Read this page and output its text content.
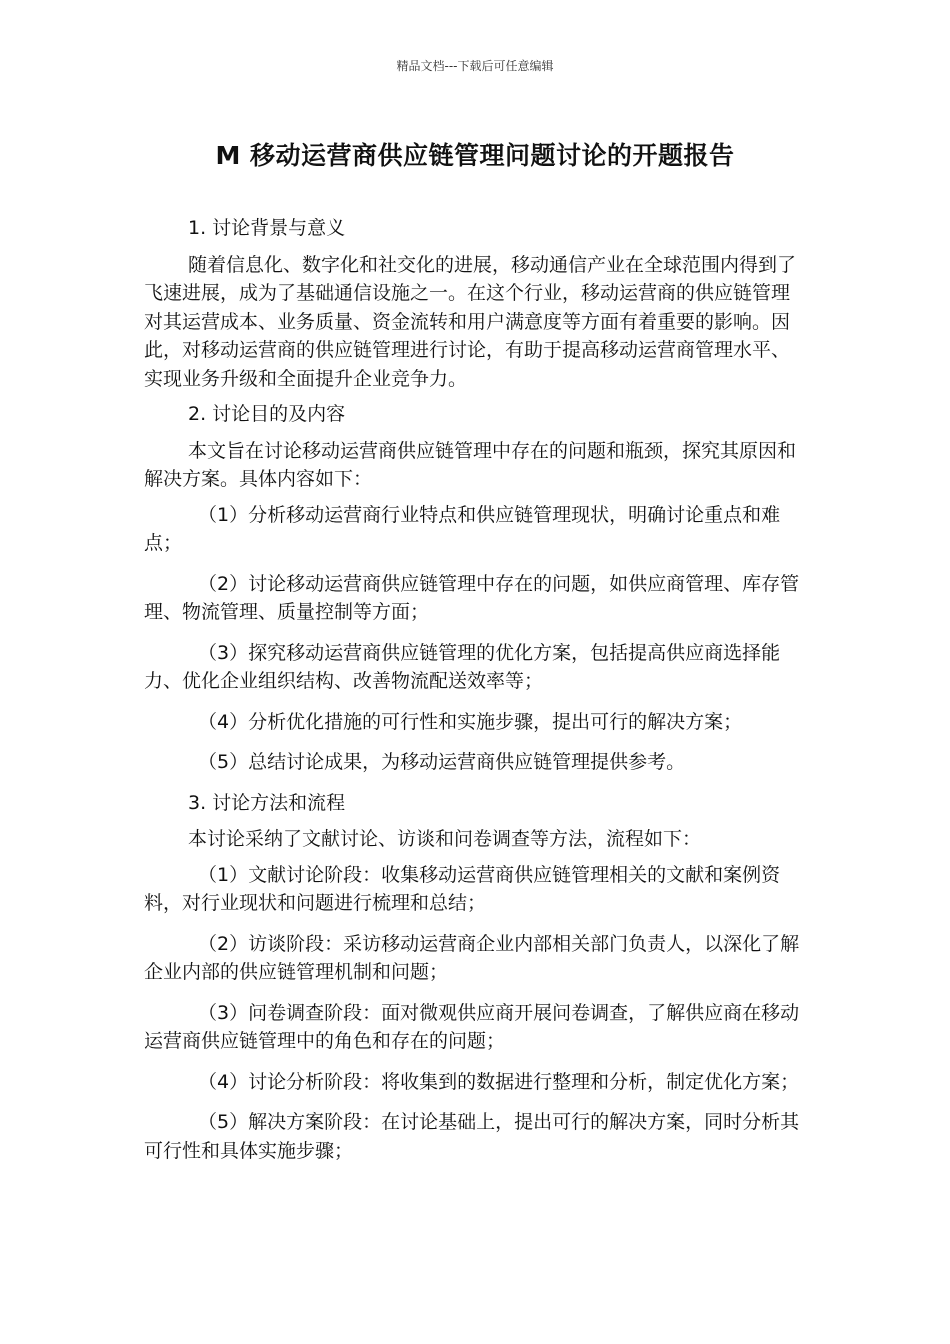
精品文档---下载后可任意编辑
M 移动运营商供应链管理问题讨论的开题报告

1. 讨论背景与意义

随着信息化、数字化和社交化的进展，移动通信产业在全球范围内得到了飞速进展，成为了基础通信设施之一。在这个行业，移动运营商的供应链管理对其运营成本、业务质量、资金流转和用户满意度等方面有着重要的影响。因此，对移动运营商的供应链管理进行讨论，有助于提高移动运营商管理水平、实现业务升级和全面提升企业竞争力。

2. 讨论目的及内容

本文旨在讨论移动运营商供应链管理中存在的问题和瓶颈，探究其原因和解决方案。具体内容如下：

（1）分析移动运营商行业特点和供应链管理现状，明确讨论重点和难点；

（2）讨论移动运营商供应链管理中存在的问题，如供应商管理、库存管理、物流管理、质量控制等方面；

（3）探究移动运营商供应链管理的优化方案，包括提高供应商选择能力、优化企业组织结构、改善物流配送效率等；

（4）分析优化措施的可行性和实施步骤，提出可行的解决方案；

（5）总结讨论成果，为移动运营商供应链管理提供参考。

3. 讨论方法和流程

本讨论采纳了文献讨论、访谈和问卷调查等方法，流程如下：

（1）文献讨论阶段：收集移动运营商供应链管理相关的文献和案例资料，对行业现状和问题进行梳理和总结；

（2）访谈阶段：采访移动运营商企业内部相关部门负责人，以深化了解企业内部的供应链管理机制和问题；

（3）问卷调查阶段：面对微观供应商开展问卷调查，了解供应商在移动运营商供应链管理中的角色和存在的问题；

（4）讨论分析阶段：将收集到的数据进行整理和分析，制定优化方案；

（5）解决方案阶段：在讨论基础上，提出可行的解决方案，同时分析其可行性和具体实施步骤；
